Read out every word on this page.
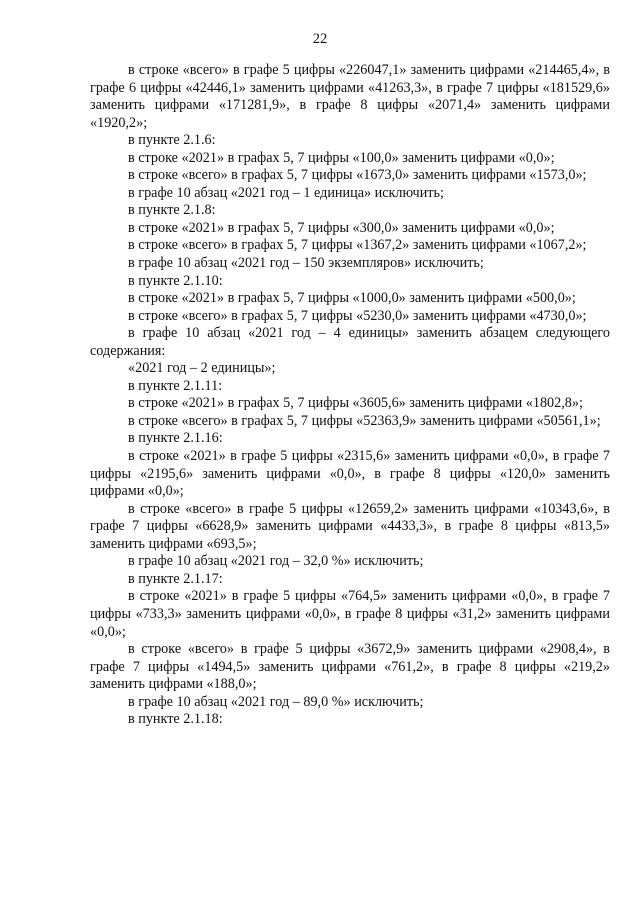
22

в строке «всего» в графе 5 цифры «226047,1» заменить цифрами «214465,4», в графе 6 цифры «42446,1» заменить цифрами «41263,3», в графе 7 цифры «181529,6» заменить цифрами «171281,9», в графе 8 цифры «2071,4» заменить цифрами «1920,2»;

в пункте 2.1.6:

в строке «2021» в графах 5, 7 цифры «100,0» заменить цифрами «0,0»;

в строке «всего» в графах 5, 7 цифры «1673,0» заменить цифрами «1573,0»;

в графе 10 абзац «2021 год – 1 единица» исключить;

в пункте 2.1.8:

в строке «2021» в графах 5, 7 цифры «300,0» заменить цифрами «0,0»;

в строке «всего» в графах 5, 7 цифры «1367,2» заменить цифрами «1067,2»;

в графе 10 абзац «2021 год – 150 экземпляров» исключить;

в пункте 2.1.10:

в строке «2021» в графах 5, 7 цифры «1000,0» заменить цифрами «500,0»;

в строке «всего» в графах 5, 7 цифры «5230,0» заменить цифрами «4730,0»;

в графе 10 абзац «2021 год – 4 единицы» заменить абзацем следующего содержания:

«2021 год – 2 единицы»;

в пункте 2.1.11:

в строке «2021» в графах 5, 7 цифры «3605,6» заменить цифрами «1802,8»;

в строке «всего» в графах 5, 7 цифры «52363,9» заменить цифрами «50561,1»;

в пункте 2.1.16:

в строке «2021» в графе 5 цифры «2315,6» заменить цифрами «0,0», в графе 7 цифры «2195,6» заменить цифрами «0,0», в графе 8 цифры «120,0» заменить цифрами «0,0»;

в строке «всего» в графе 5 цифры «12659,2» заменить цифрами «10343,6», в графе 7 цифры «6628,9» заменить цифрами «4433,3», в графе 8 цифры «813,5» заменить цифрами «693,5»;

в графе 10 абзац «2021 год – 32,0 %» исключить;

в пункте 2.1.17:

в строке «2021» в графе 5 цифры «764,5» заменить цифрами «0,0», в графе 7 цифры «733,3» заменить цифрами «0,0», в графе 8 цифры «31,2» заменить цифрами «0,0»;

в строке «всего» в графе 5 цифры «3672,9» заменить цифрами «2908,4», в графе 7 цифры «1494,5» заменить цифрами «761,2», в графе 8 цифры «219,2» заменить цифрами «188,0»;

в графе 10 абзац «2021 год – 89,0 %» исключить;

в пункте 2.1.18:
